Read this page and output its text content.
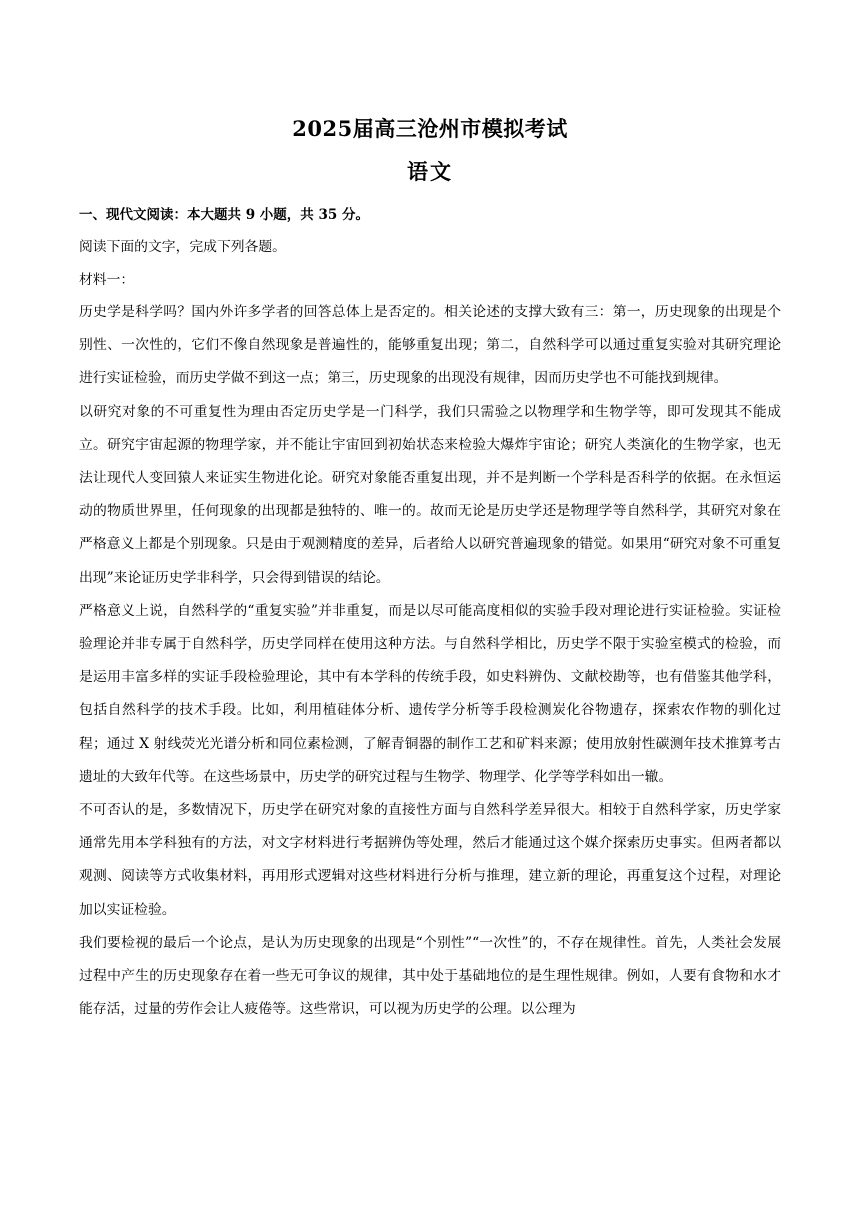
2025届高三沧州市模拟考试
语文
一、现代文阅读：本大题共 9 小题，共 35 分。
阅读下面的文字，完成下列各题。
材料一：

历史学是科学吗？国内外许多学者的回答总体上是否定的。相关论述的支撑大致有三：第一，历史现象的出现是个别性、一次性的，它们不像自然现象是普遍性的，能够重复出现；第二，自然科学可以通过重复实验对其研究理论进行实证检验，而历史学做不到这一点；第三，历史现象的出现没有规律，因而历史学也不可能找到规律。

以研究对象的不可重复性为理由否定历史学是一门科学，我们只需验之以物理学和生物学等，即可发现其不能成立。研究宇宙起源的物理学家，并不能让宇宙回到初始状态来检验大爆炸宇宙论；研究人类演化的生物学家，也无法让现代人变回猿人来证实生物进化论。研究对象能否重复出现，并不是判断一个学科是否科学的依据。在永恒运动的物质世界里，任何现象的出现都是独特的、唯一的。故而无论是历史学还是物理学等自然科学，其研究对象在严格意义上都是个别现象。只是由于观测精度的差异，后者给人以研究普遍现象的错觉。如果用“研究对象不可重复出现”来论证历史学非科学，只会得到错误的结论。

严格意义上说，自然科学的“重复实验”并非重复，而是以尽可能高度相似的实验手段对理论进行实证检验。实证检验理论并非专属于自然科学，历史学同样在使用这种方法。与自然科学相比，历史学不限于实验室模式的检验，而是运用丰富多样的实证手段检验理论，其中有本学科的传统手段，如史料辨伪、文献校勘等，也有借鉴其他学科，包括自然科学的技术手段。比如，利用植硅体分析、遗传学分析等手段检测炭化谷物遗存，探索农作物的驯化过程；通过 X 射线荧光光谱分析和同位素检测，了解青铜器的制作工艺和矿料来源；使用放射性碳测年技术推算考古遗址的大致年代等。在这些场景中，历史学的研究过程与生物学、物理学、化学等学科如出一辙。

不可否认的是，多数情况下，历史学在研究对象的直接性方面与自然科学差异很大。相较于自然科学家，历史学家通常先用本学科独有的方法，对文字材料进行考据辨伪等处理，然后才能通过这个媒介探索历史事实。但两者都以观测、阅读等方式收集材料，再用形式逻辑对这些材料进行分析与推理，建立新的理论，再重复这个过程，对理论加以实证检验。

我们要检视的最后一个论点，是认为历史现象的出现是“个别性”“一次性”的，不存在规律性。首先，人类社会发展过程中产生的历史现象存在着一些无可争议的规律，其中处于基础地位的是生理性规律。例如，人要有食物和水才能存活，过量的劳作会让人疲倦等。这些常识，可以视为历史学的公理。以公理为
